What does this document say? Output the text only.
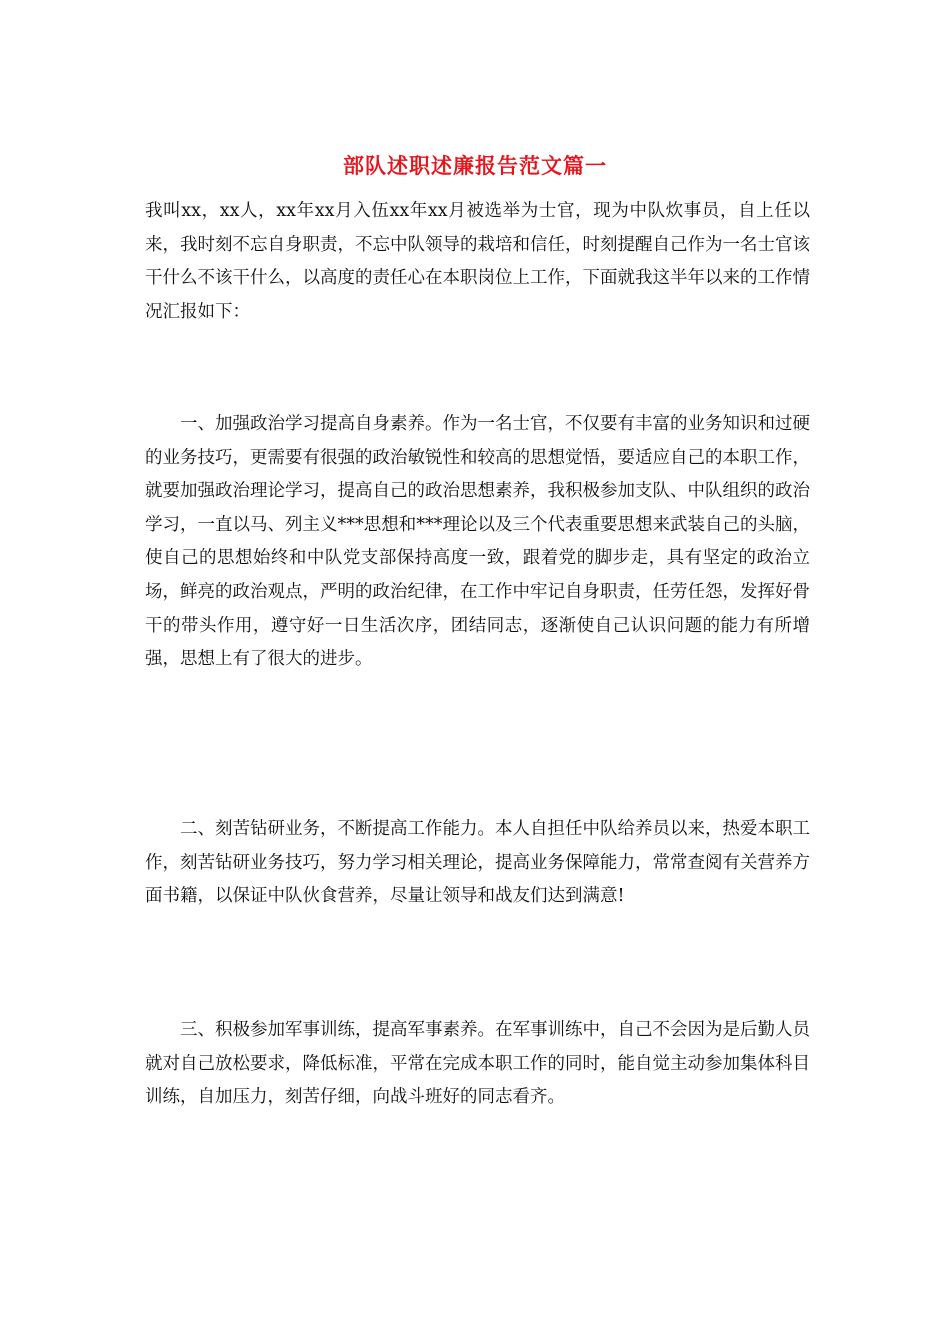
部队述职述廉报告范文篇一

我叫xx，xx人，xx年xx月入伍xx年xx月被选举为士官，现为中队炊事员，自上任以来，我时刻不忘自身职责，不忘中队领导的栽培和信任，时刻提醒自己作为一名士官该干什么不该干什么，以高度的责任心在本职岗位上工作，下面就我这半年以来的工作情况汇报如下：

一、加强政治学习提高自身素养。作为一名士官，不仅要有丰富的业务知识和过硬的业务技巧，更需要有很强的政治敏锐性和较高的思想觉悟，要适应自己的本职工作，就要加强政治理论学习，提高自己的政治思想素养，我积极参加支队、中队组织的政治学习，一直以马、列主义***思想和***理论以及三个代表重要思想来武装自己的头脑，使自己的思想始终和中队党支部保持高度一致，跟着党的脚步走，具有坚定的政治立场，鲜亮的政治观点，严明的政治纪律，在工作中牢记自身职责，任劳任怨，发挥好骨干的带头作用，遵守好一日生活次序，团结同志，逐渐使自己认识问题的能力有所增强，思想上有了很大的进步。

二、刻苦钻研业务，不断提高工作能力。本人自担任中队给养员以来，热爱本职工作，刻苦钻研业务技巧，努力学习相关理论，提高业务保障能力，常常查阅有关营养方面书籍，以保证中队伙食营养，尽量让领导和战友们达到满意!

三、积极参加军事训练，提高军事素养。在军事训练中，自己不会因为是后勤人员就对自己放松要求，降低标准，平常在完成本职工作的同时，能自觉主动参加集体科目训练，自加压力，刻苦仔细，向战斗班好的同志看齐。
